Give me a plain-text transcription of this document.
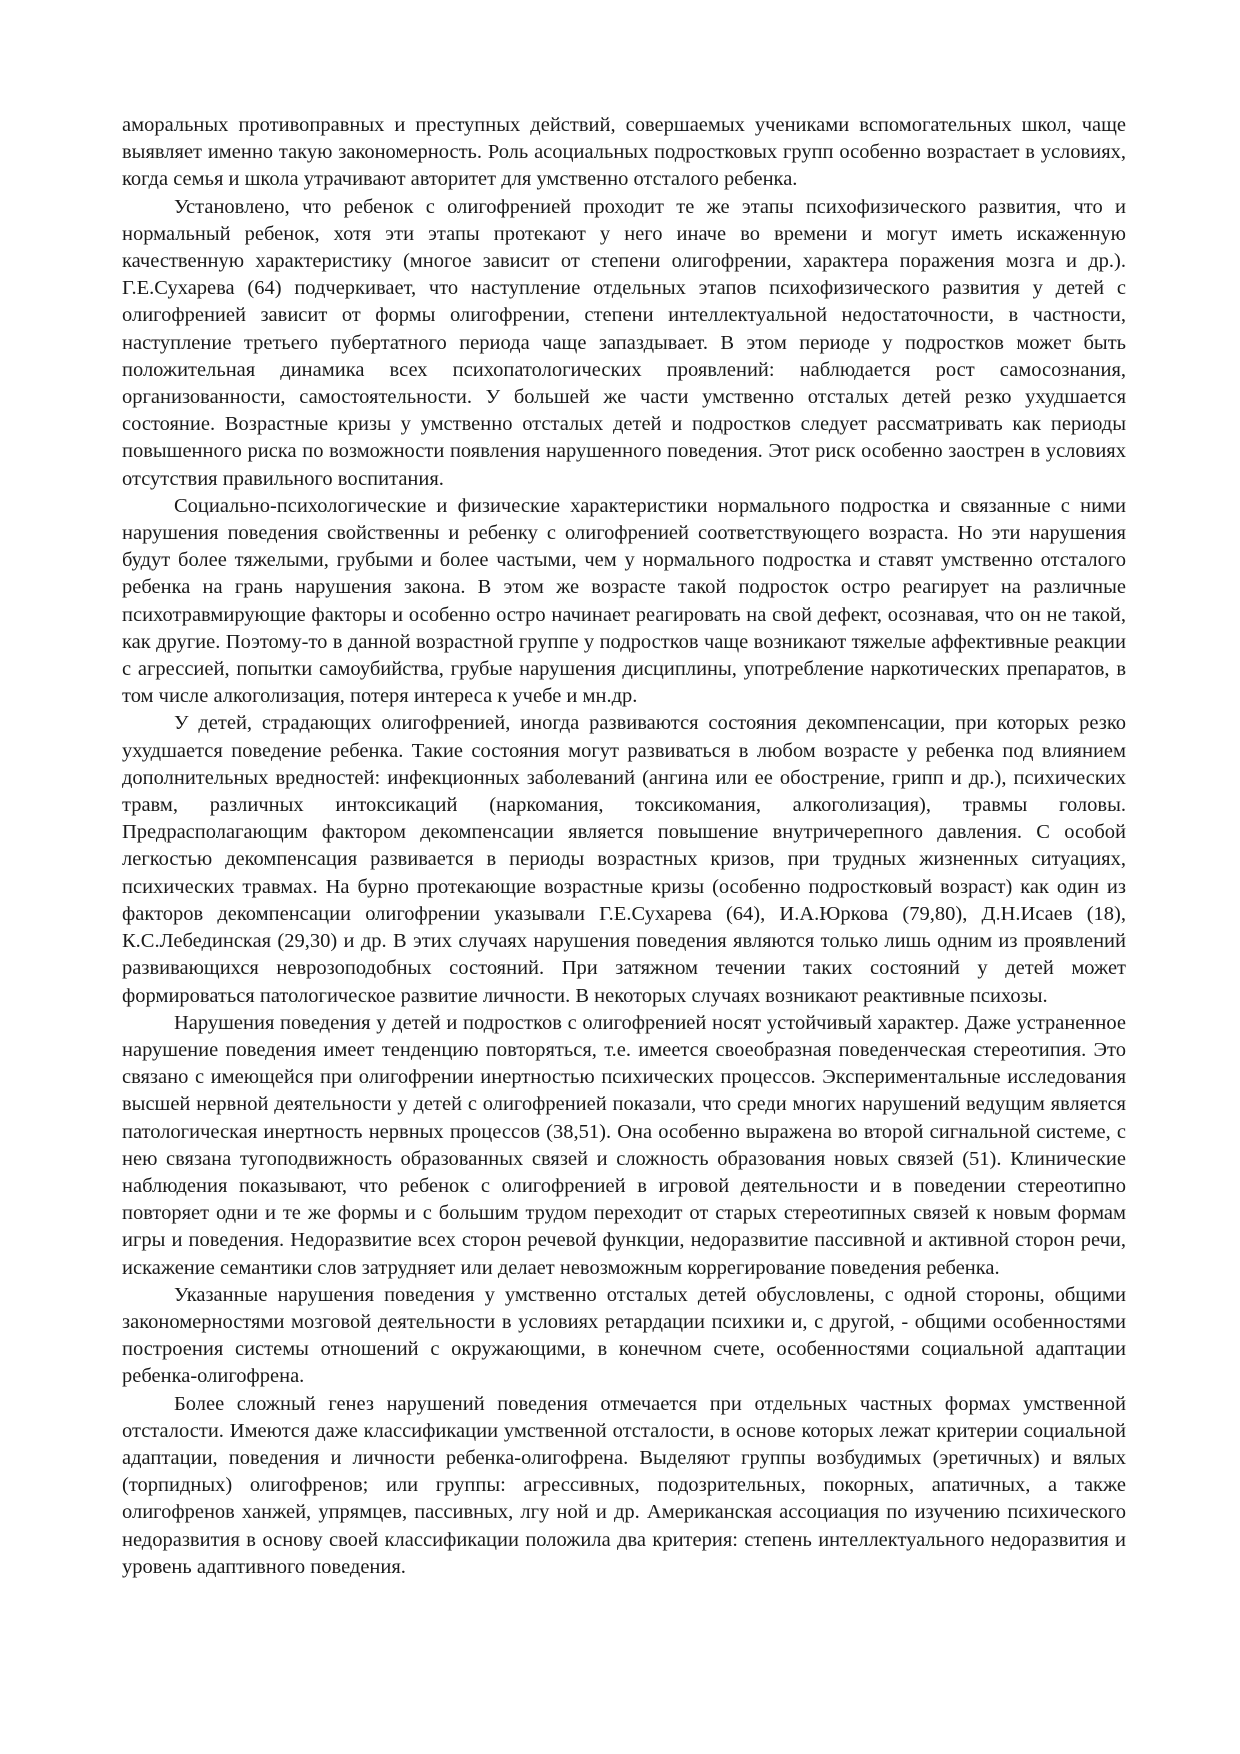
аморальных противоправных и преступных действий, совершаемых учениками вспомогательных школ, чаще выявляет именно такую закономерность. Роль асоциальных подростковых групп особенно возрастает в условиях, когда семья и школа утрачивают авторитет для умственно отсталого ребенка.

Установлено, что ребенок с олигофренией проходит те же этапы психофизического развития, что и нормальный ребенок, хотя эти этапы протекают у него иначе во времени и могут иметь искаженную качественную характеристику (многое зависит от степени олигофрении, характера поражения мозга и др.). Г.Е.Сухарева (64) подчеркивает, что наступление отдельных этапов психофизического развития у детей с олигофренией зависит от формы олигофрении, степени интеллектуальной недостаточности, в частности, наступление третьего пубертатного периода чаще запаздывает. В этом периоде у подростков может быть положительная динамика всех психопатологических проявлений: наблюдается рост самосознания, организованности, самостоятельности. У большей же части умственно отсталых детей резко ухудшается состояние. Возрастные кризы у умственно отсталых детей и подростков следует рассматривать как периоды повышенного риска по возможности появления нарушенного поведения. Этот риск особенно заострен в условиях отсутствия правильного воспитания.

Социально-психологические и физические характеристики нормального подростка и связанные с ними нарушения поведения свойственны и ребенку с олигофренией соответствующего возраста. Но эти нарушения будут более тяжелыми, грубыми и более частыми, чем у нормального подростка и ставят умственно отсталого ребенка на грань нарушения закона. В этом же возрасте такой подросток остро реагирует на различные психотравмирующие факторы и особенно остро начинает реагировать на свой дефект, осознавая, что он не такой, как другие. Поэтому-то в данной возрастной группе у подростков чаще возникают тяжелые аффективные реакции с агрессией, попытки самоубийства, грубые нарушения дисциплины, употребление наркотических препаратов, в том числе алкоголизация, потеря интереса к учебе и мн.др.

У детей, страдающих олигофренией, иногда развиваются состояния декомпенсации, при которых резко ухудшается поведение ребенка. Такие состояния могут развиваться в любом возрасте у ребенка под влиянием дополнительных вредностей: инфекционных заболеваний (ангина или ее обострение, грипп и др.), психических травм, различных интоксикаций (наркомания, токсикомания, алкоголизация), травмы головы. Предрасполагающим фактором декомпенсации является повышение внутричерепного давления. С особой легкостью декомпенсация развивается в периоды возрастных кризов, при трудных жизненных ситуациях, психических травмах. На бурно протекающие возрастные кризы (особенно подростковый возраст) как один из факторов декомпенсации олигофрении указывали Г.Е.Сухарева (64), И.А.Юркова (79,80), Д.Н.Исаев (18), К.С.Лебединская (29,30) и др. В этих случаях нарушения поведения являются только лишь одним из проявлений развивающихся неврозоподобных состояний. При затяжном течении таких состояний у детей может формироваться патологическое развитие личности. В некоторых случаях возникают реактивные психозы.

Нарушения поведения у детей и подростков с олигофренией носят устойчивый характер. Даже устраненное нарушение поведения имеет тенденцию повторяться, т.е. имеется своеобразная поведенческая стереотипия. Это связано с имеющейся при олигофрении инертностью психических процессов. Экспериментальные исследования высшей нервной деятельности у детей с олигофренией показали, что среди многих нарушений ведущим является патологическая инертность нервных процессов (38,51). Она особенно выражена во второй сигнальной системе, с нею связана тугоподвижность образованных связей и сложность образования новых связей (51). Клинические наблюдения показывают, что ребенок с олигофренией в игровой деятельности и в поведении стереотипно повторяет одни и те же формы и с большим трудом переходит от старых стереотипных связей к новым формам игры и поведения. Недоразвитие всех сторон речевой функции, недоразвитие пассивной и активной сторон речи, искажение семантики слов затрудняет или делает невозможным коррегирование поведения ребенка.

Указанные нарушения поведения у умственно отсталых детей обусловлены, с одной стороны, общими закономерностями мозговой деятельности в условиях ретардации психики и, с другой, - общими особенностями построения системы отношений с окружающими, в конечном счете, особенностями социальной адаптации ребенка-олигофрена.

Более сложный генез нарушений поведения отмечается при отдельных частных формах умственной отсталости. Имеются даже классификации умственной отсталости, в основе которых лежат критерии социальной адаптации, поведения и личности ребенка-олигофрена. Выделяют группы возбудимых (эретичных) и вялых (торпидных) олигофренов; или группы: агрессивных, подозрительных, покорных, апатичных, а также олигофренов ханжей, упрямцев, пассивных, лгу ной и др. Американская ассоциация по изучению психического недоразвития в основу своей классификации положила два критерия: степень интеллектуального недоразвития и уровень адаптивного поведения.
